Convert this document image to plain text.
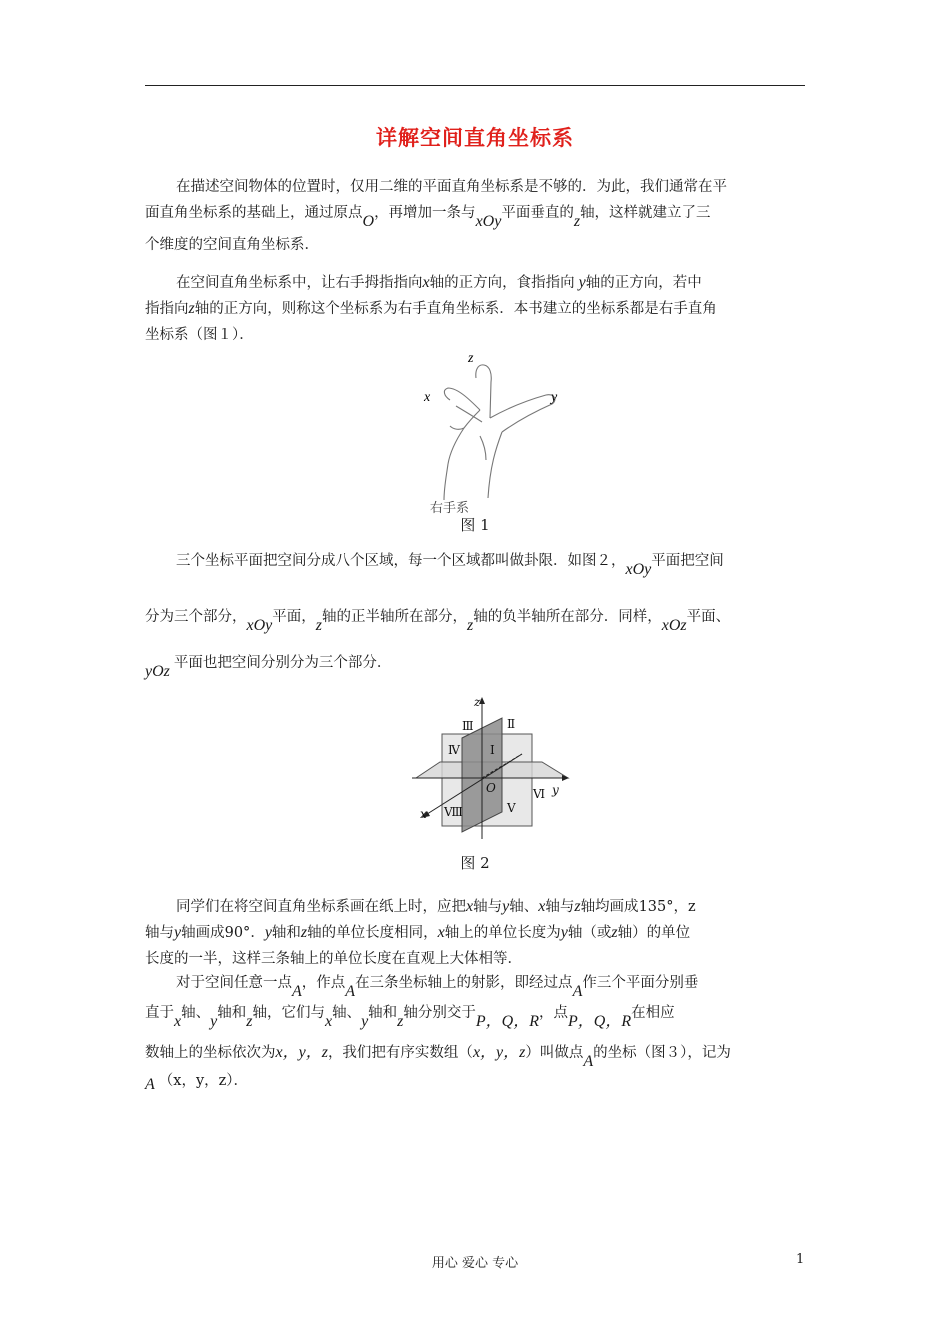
详解空间直角坐标系
在描述空间物体的位置时，仅用二维的平面直角坐标系是不够的．为此，我们通常在平
面直角坐标系的基础上，通过原点O，再增加一条与xOy平面垂直的z轴，这样就建立了三
个维度的空间直角坐标系．
在空间直角坐标系中，让右手拇指指向x轴的正方向，食指指向 y轴的正方向，若中
指指向z轴的正方向，则称这个坐标系为右手直角坐标系．本书建立的坐标系都是右手直角
坐标系（图１）．
z
x	y
右手系
图 1
三个坐标平面把空间分成八个区域，每一个区域都叫做卦限．如图２，xOy平面把空间
分为三个部分，xOy平面，z轴的正半轴所在部分，z轴的负半轴所在部分．同样，xOz平面、
yOz 平面也把空间分别分为三个部分．
z
x
y
O
Ⅲ	Ⅱ
Ⅳ	Ⅰ
Ⅷ	Ⅴ
Ⅵ
图 2
同学们在将空间直角坐标系画在纸上时，应把x轴与y轴、x轴与z轴均画成135°，z
轴与y轴画成90°．y轴和z轴的单位长度相同，x轴上的单位长度为y轴（或z轴）的单位
长度的一半，这样三条轴上的单位长度在直观上大体相等．
对于空间任意一点A，作点A在三条坐标轴上的射影，即经过点A作三个平面分别垂
直于x轴、y轴和z轴，它们与x轴、y轴和z轴分别交于P，Q，R，点P，Q，R在相应
数轴上的坐标依次为x，y，z，我们把有序实数组（x，y，z）叫做点A的坐标（图３），记为
A （x，y，z）．
用心 爱心 专心	1
